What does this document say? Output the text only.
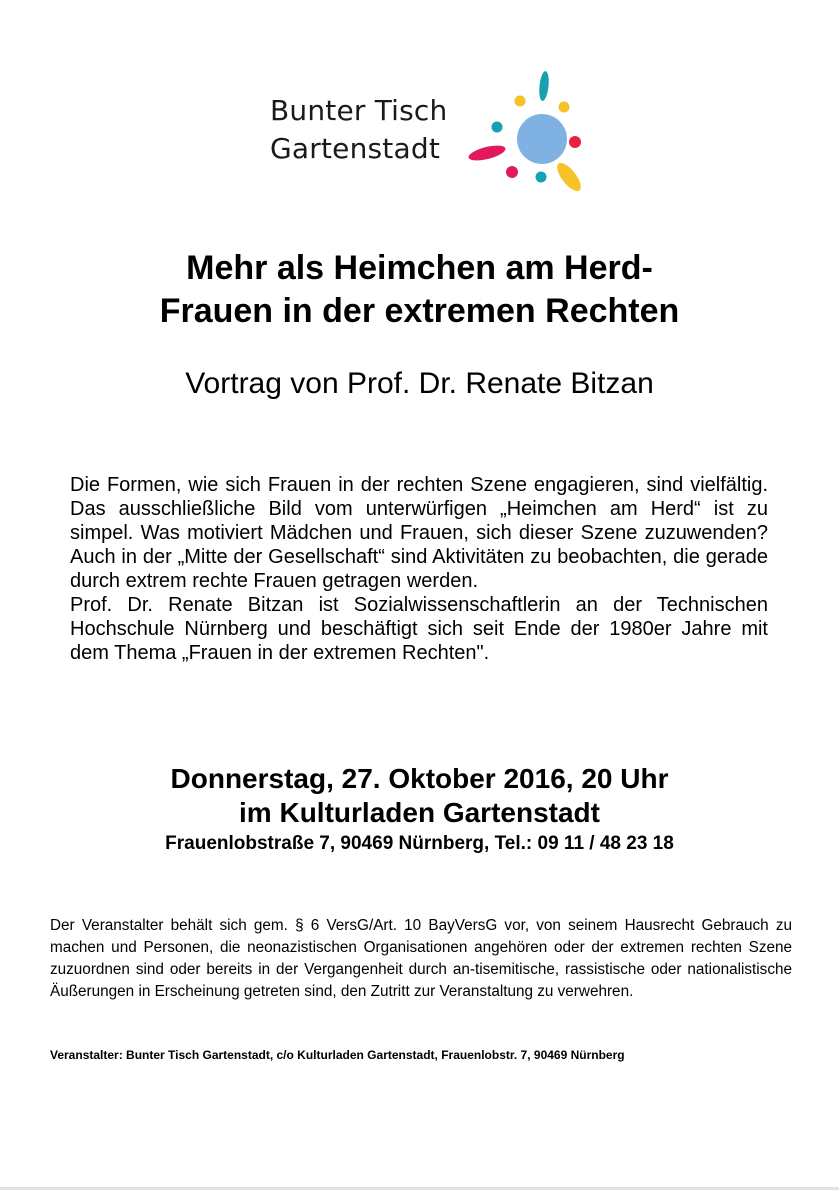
Bunter Tisch
Gartenstadt
Mehr als Heimchen am Herd-
Frauen in der extremen Rechten
Vortrag von Prof. Dr. Renate Bitzan

Die Formen, wie sich Frauen in der rechten Szene engagieren, sind vielfältig. Das ausschließliche Bild vom unterwürfigen „Heimchen am Herd“ ist zu simpel. Was motiviert Mädchen und Frauen, sich dieser Szene zuzuwenden? Auch in der „Mitte der Gesellschaft“ sind Aktivitäten zu beobachten, die gerade durch extrem rechte Frauen getragen werden.

Prof. Dr. Renate Bitzan ist Sozialwissenschaftlerin an der Technischen Hochschule Nürnberg und beschäftigt sich seit Ende der 1980er Jahre mit dem Thema „Frauen in der extremen Rechten".

Donnerstag, 27. Oktober 2016, 20 Uhr
im Kulturladen Gartenstadt
Frauenlobstraße 7, 90469 Nürnberg, Tel.: 09 11 / 48 23 18

Der Veranstalter behält sich gem. § 6 VersG/Art. 10 BayVersG vor, von seinem Hausrecht Gebrauch zu machen und Personen, die neonazistischen Organisationen angehören oder der extremen rechten Szene zuzuordnen sind oder bereits in der Vergangenheit durch an-tisemitische, rassistische oder nationalistische Äußerungen in Erscheinung getreten sind, den Zutritt zur Veranstaltung zu verwehren.

Veranstalter: Bunter Tisch Gartenstadt, c/o Kulturladen Gartenstadt, Frauenlobstr. 7, 90469 Nürnberg
